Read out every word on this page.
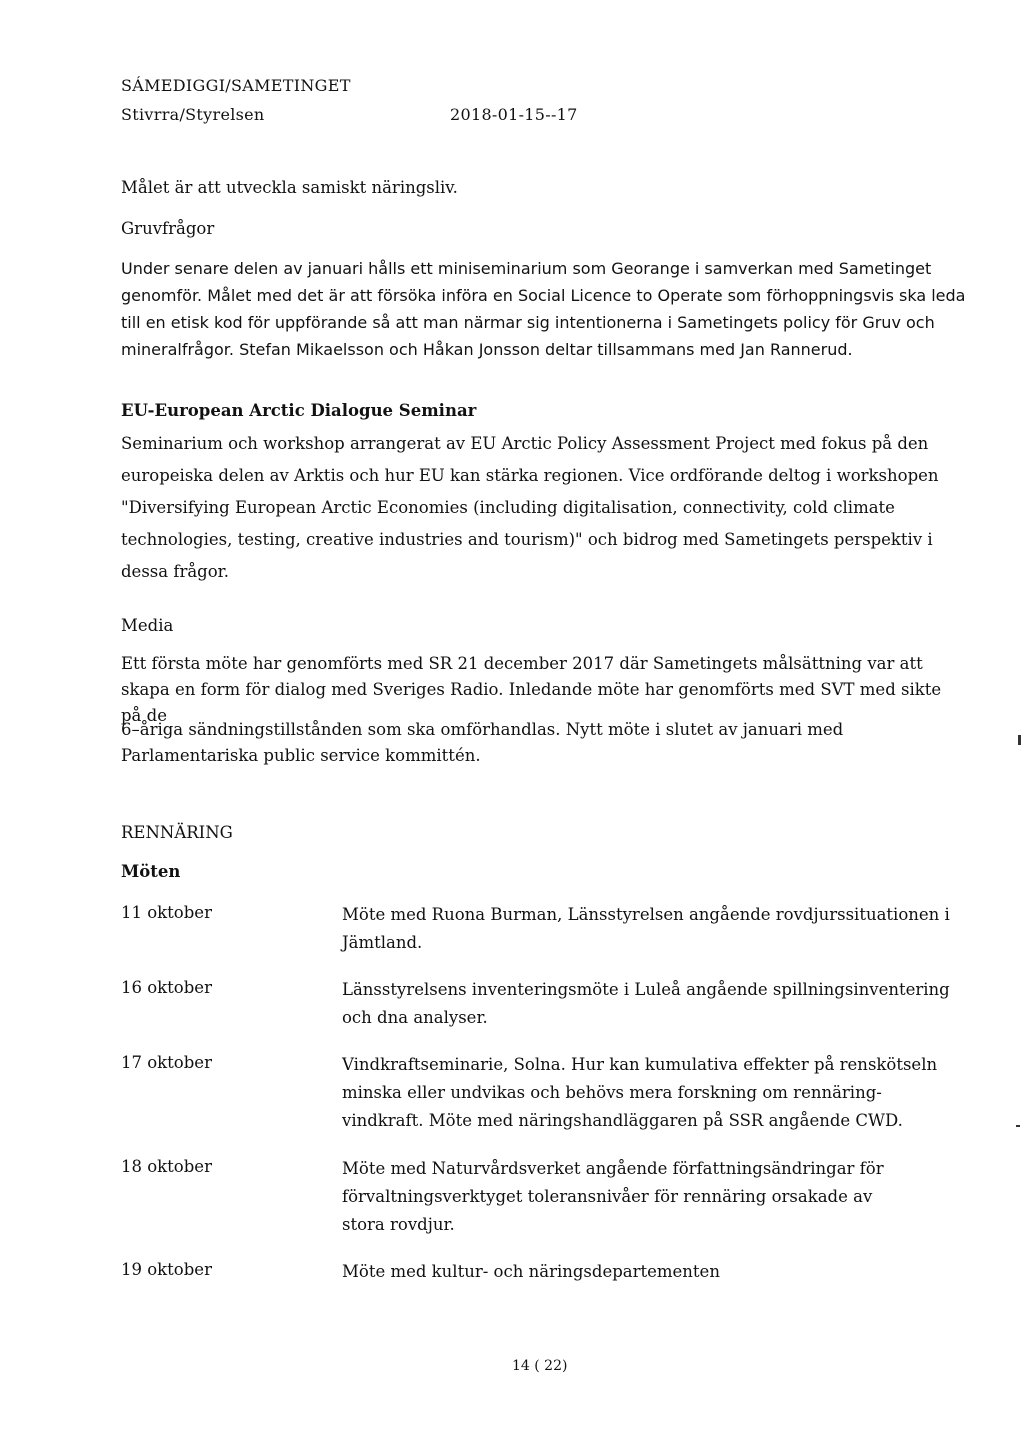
SÁMEDIGGI/SAMETINGET

Stivrra/Styrelsen	2018-01-15--17

Målet är att utveckla samiskt näringsliv.

Gruvfrågor

Under senare delen av januari hålls ett miniseminarium som Georange i samverkan med Sametinget genomför. Målet med det är att försöka införa en Social Licence to Operate som förhoppningsvis ska leda till en etisk kod för uppförande så att man närmar sig intentionerna i Sametingets policy för Gruv och mineralfrågor. Stefan Mikaelsson och Håkan Jonsson deltar tillsammans med Jan Rannerud.

EU-European Arctic Dialogue Seminar

Seminarium och workshop arrangerat av EU Arctic Policy Assessment Project med fokus på den europeiska delen av Arktis och hur EU kan stärka regionen. Vice ordförande deltog i workshopen "Diversifying European Arctic Economies (including digitalisation, connectivity, cold climate technologies, testing, creative industries and tourism)" och bidrog med Sametingets perspektiv i dessa frågor.

Media

Ett första möte har genomförts med SR 21 december 2017 där Sametingets målsättning var att skapa en form för dialog med Sveriges Radio. Inledande möte har genomförts med SVT med sikte på de

6–åriga sändningstillstånden som ska omförhandlas. Nytt möte i slutet av januari med Parlamentariska public service kommittén.

RENNÄRING

Möten

11 oktober	Möte med Ruona Burman, Länsstyrelsen angående rovdjurssituationen i Jämtland.

16 oktober	Länsstyrelsens inventeringsmöte i Luleå angående spillningsinventering och dna analyser.

17 oktober	Vindkraftseminarie, Solna. Hur kan kumulativa effekter på renskötseln minska eller undvikas och behövs mera forskning om rennäring-vindkraft. Möte med näringshandläggaren på SSR angående CWD.

18 oktober	Möte med Naturvårdsverket angående författningsändringar för förvaltningsverktyget toleransnivåer för rennäring orsakade av stora rovdjur.

19 oktober	Möte med kultur- och näringsdepartementen

14 ( 22)
